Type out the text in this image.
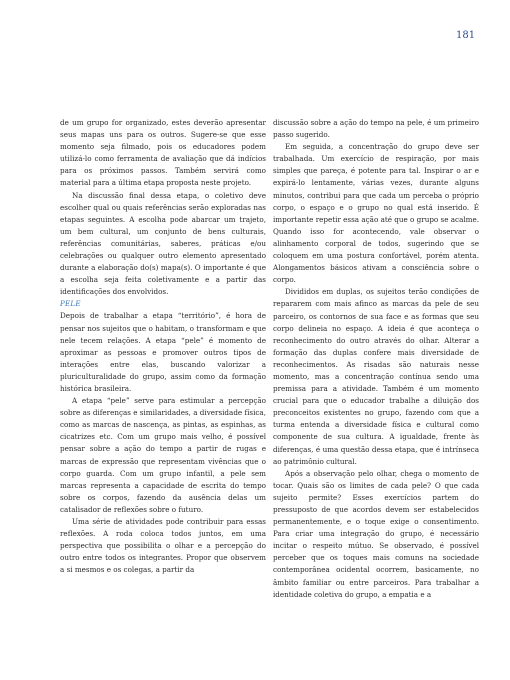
181

de um grupo for organizado, estes deverão apresentar seus mapas uns para os outros. Sugere-se que esse momento seja filmado, pois os educadores podem utilizá-lo como ferramenta de avaliação que dá indícios para os próximos passos. Também servirá como material para a última etapa proposta neste projeto.

Na discussão final dessa etapa, o coletivo deve escolher qual ou quais referências serão exploradas nas etapas seguintes. A escolha pode abarcar um trajeto, um bem cultural, um conjunto de bens culturais, referências comunitárias, saberes, práticas e/ou celebrações ou qualquer outro elemento apresentado durante a elaboração do(s) mapa(s). O importante é que a escolha seja feita coletivamente e a partir das identificações dos envolvidos.

PELE

Depois de trabalhar a etapa “território”, é hora de pensar nos sujeitos que o habitam, o transformam e que nele tecem relações. A etapa “pele” é momento de aproximar as pessoas e promover outros tipos de interações entre elas, buscando valorizar a pluriculturalidade do grupo, assim como da formação histórica brasileira.

A etapa “pele” serve para estimular a percepção sobre as diferenças e similaridades, a diversidade física, como as marcas de nascença, as pintas, as espinhas, as cicatrizes etc. Com um grupo mais velho, é possível pensar sobre a ação do tempo a partir de rugas e marcas de expressão que representam vivências que o corpo guarda. Com um grupo infantil, a pele sem marcas representa a capacidade de escrita do tempo sobre os corpos, fazendo da ausência delas um catalisador de reflexões sobre o futuro.

Uma série de atividades pode contribuir para essas reflexões. A roda coloca todos juntos, em uma perspectiva que possibilita o olhar e a percepção do outro entre todos os integrantes. Propor que observem a si mesmos e os colegas, a partir da

discussão sobre a ação do tempo na pele, é um primeiro passo sugerido.

Em seguida, a concentração do grupo deve ser trabalhada. Um exercício de respiração, por mais simples que pareça, é potente para tal. Inspirar o ar e expirá-lo lentamente, várias vezes, durante alguns minutos, contribui para que cada um perceba o próprio corpo, o espaço e o grupo no qual está inserido. É importante repetir essa ação até que o grupo se acalme. Quando isso for acontecendo, vale observar o alinhamento corporal de todos, sugerindo que se coloquem em uma postura confortável, porém atenta. Alongamentos básicos ativam a consciência sobre o corpo.

Divididos em duplas, os sujeitos terão condições de repararem com mais afinco as marcas da pele de seu parceiro, os contornos de sua face e as formas que seu corpo delineia no espaço. A ideia é que aconteça o reconhecimento do outro através do olhar. Alterar a formação das duplas confere mais diversidade de reconhecimentos. As risadas são naturais nesse momento, mas a concentração contínua sendo uma premissa para a atividade. Também é um momento crucial para que o educador trabalhe a diluição dos preconceitos existentes no grupo, fazendo com que a turma entenda a diversidade física e cultural como componente de sua cultura. A igualdade, frente às diferenças, é uma questão dessa etapa, que é intrínseca ao patrimônio cultural.

Após a observação pelo olhar, chega o momento de tocar. Quais são os limites de cada pele? O que cada sujeito permite? Esses exercícios partem do pressuposto de que acordos devem ser estabelecidos permanentemente, e o toque exige o consentimento. Para criar uma integração do grupo, é necessário incitar o respeito mútuo. Se observado, é possível perceber que os toques mais comuns na sociedade contemporânea ocidental ocorrem, basicamente, no âmbito familiar ou entre parceiros. Para trabalhar a identidade coletiva do grupo, a empatia e a
